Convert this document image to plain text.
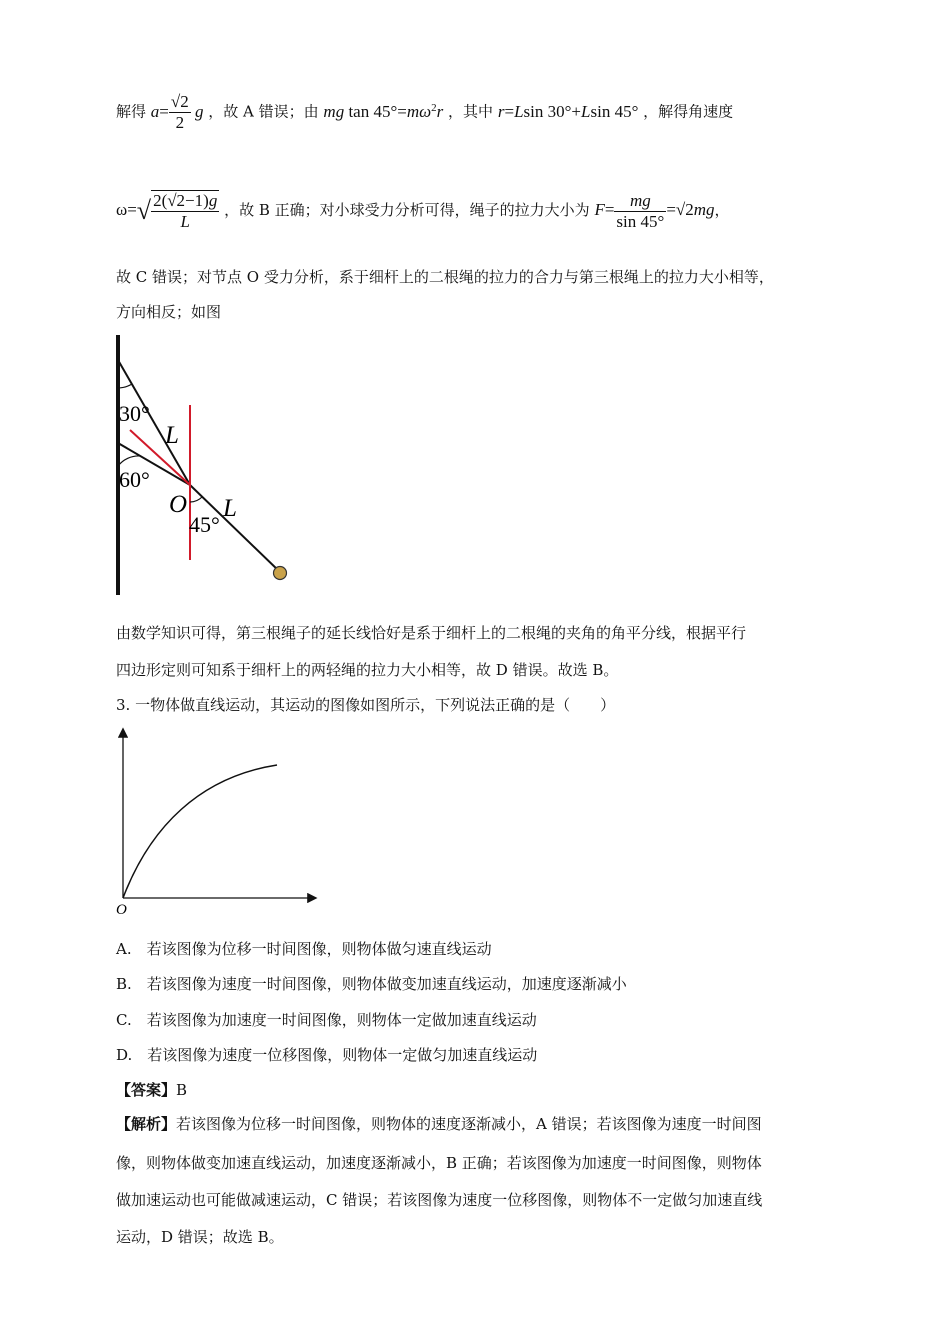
解得 $a= \frac{√2}{2}$ g ，故 A 错误；由 mg $\tan 45^\circ=m\omega^2r$ ，其中 r=Lsin 30°+Lsin 45° ，解得角速度
$\omega=√ \frac{2(√2-1)g}{L}$ ，故 B 正确；对小球受力分析可得，绳子的拉力大小为 $F= \frac{mg}{\sin 45^\circ} =√2mg$，
故 C 错误；对节点 O 受力分析，系于细杆上的二根绳的拉力的合力与第三根绳上的拉力大小相等，
方向相反；如图
30°
60°
45°
L
L
O
由数学知识可得，第三根绳子的延长线恰好是系于细杆上的二根绳的夹角的角平分线，根据平行
四边形定则可知系于细杆上的两轻绳的拉力大小相等，故 D 错误。故选 B。
3. 一物体做直线运动，其运动的图像如图所示，下列说法正确的是（　　）
O
A.　若该图像为位移一时间图像，则物体做匀速直线运动
B.　若该图像为速度一时间图像，则物体做变加速直线运动，加速度逐渐减小
C.　若该图像为加速度一时间图像，则物体一定做加速直线运动
D.　若该图像为速度一位移图像，则物体一定做匀加速直线运动
【答案】B
【解析】若该图像为位移一时间图像，则物体的速度逐渐减小，A 错误；若该图像为速度一时间图
像，则物体做变加速直线运动，加速度逐渐减小，B 正确；若该图像为加速度一时间图像，则物体
做加速运动也可能做减速运动，C 错误；若该图像为速度一位移图像，则物体不一定做匀加速直线
运动，D 错误；故选 B。
